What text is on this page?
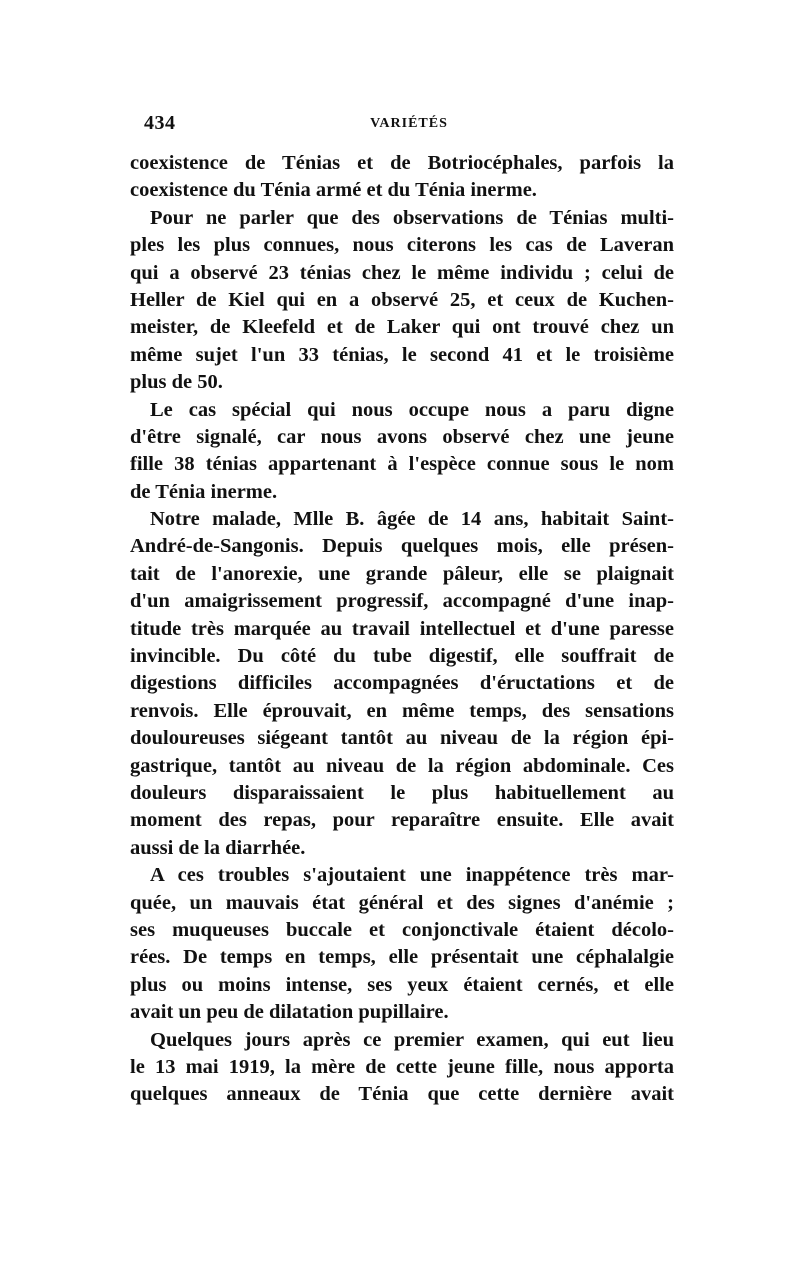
434	VARIÉTÉS
coexistence de Ténias et de Botriocéphales, parfois la
coexistence du Ténia armé et du Ténia inerme.
Pour ne parler que des observations de Ténias multi-
ples les plus connues, nous citerons les cas de Laveran
qui a observé 23 ténias chez le même individu ; celui de
Heller de Kiel qui en a observé 25, et ceux de Kuchen-
meister, de Kleefeld et de Laker qui ont trouvé chez un
même sujet l'un 33 ténias, le second 41 et le troisième
plus de 50.
Le cas spécial qui nous occupe nous a paru digne
d'être signalé, car nous avons observé chez une jeune
fille 38 ténias appartenant à l'espèce connue sous le nom
de Ténia inerme.
Notre malade, Mlle B. âgée de 14 ans, habitait Saint-
André-de-Sangonis. Depuis quelques mois, elle présen-
tait de l'anorexie, une grande pâleur, elle se plaignait
d'un amaigrissement progressif, accompagné d'une inap-
titude très marquée au travail intellectuel et d'une paresse
invincible. Du côté du tube digestif, elle souffrait de
digestions difficiles accompagnées d'éructations et de
renvois. Elle éprouvait, en même temps, des sensations
douloureuses siégeant tantôt au niveau de la région épi-
gastrique, tantôt au niveau de la région abdominale. Ces
douleurs disparaissaient le plus habituellement au
moment des repas, pour reparaître ensuite. Elle avait
aussi de la diarrhée.
A ces troubles s'ajoutaient une inappétence très mar-
quée, un mauvais état général et des signes d'anémie ;
ses muqueuses buccale et conjonctivale étaient décolo-
rées. De temps en temps, elle présentait une céphalalgie
plus ou moins intense, ses yeux étaient cernés, et elle
avait un peu de dilatation pupillaire.
Quelques jours après ce premier examen, qui eut lieu
le 13 mai 1919, la mère de cette jeune fille, nous apporta
quelques anneaux de Ténia que cette dernière avait
